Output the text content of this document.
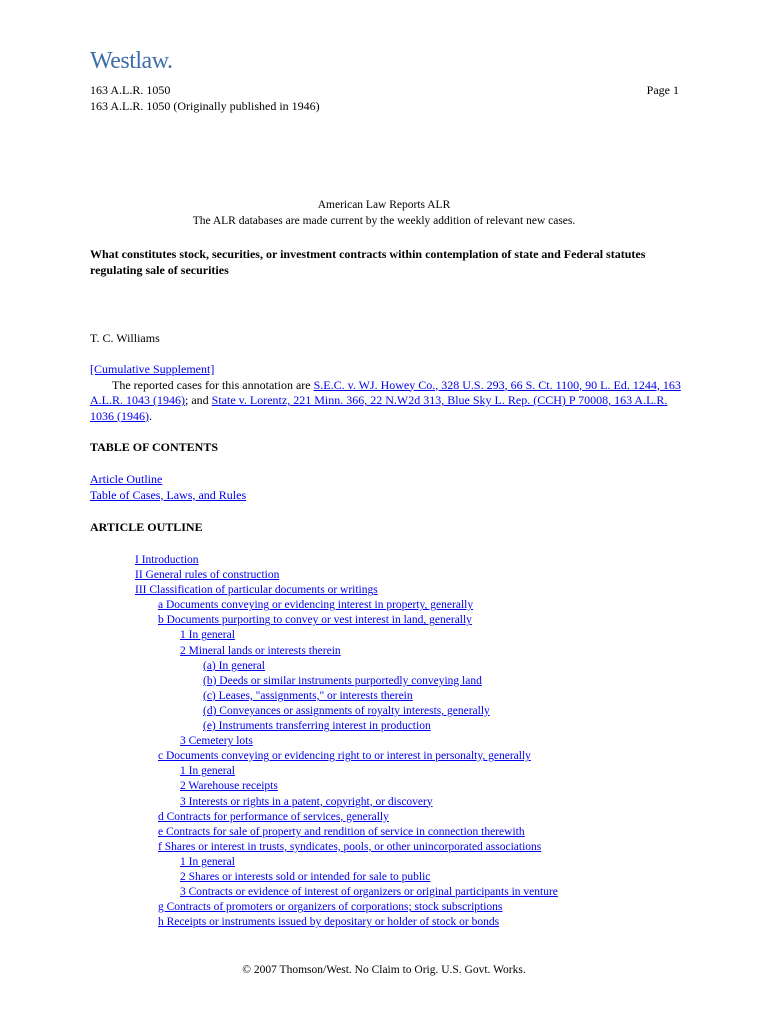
Westlaw.
163 A.L.R. 1050
163 A.L.R. 1050 (Originally published in 1946)
Page 1
American Law Reports ALR
The ALR databases are made current by the weekly addition of relevant new cases.
What constitutes stock, securities, or investment contracts within contemplation of state and Federal statutes regulating sale of securities
T. C. Williams
[Cumulative Supplement]
The reported cases for this annotation are S.E.C. v. WJ. Howey Co., 328 U.S. 293, 66 S. Ct. 1100, 90 L. Ed. 1244, 163 A.L.R. 1043 (1946); and State v. Lorentz, 221 Minn. 366, 22 N.W2d 313, Blue Sky L. Rep. (CCH) P 70008, 163 A.L.R. 1036 (1946).
TABLE OF CONTENTS
Article Outline
Table of Cases, Laws, and Rules
ARTICLE OUTLINE
I Introduction
II General rules of construction
III Classification of particular documents or writings
a Documents conveying or evidencing interest in property, generally
b Documents purporting to convey or vest interest in land, generally
1 In general
2 Mineral lands or interests therein
(a) In general
(b) Deeds or similar instruments purportedly conveying land
(c) Leases, "assignments," or interests therein
(d) Conveyances or assignments of royalty interests, generally
(e) Instruments transferring interest in production
3 Cemetery lots
c Documents conveying or evidencing right to or interest in personalty, generally
1 In general
2 Warehouse receipts
3 Interests or rights in a patent, copyright, or discovery
d Contracts for performance of services, generally
e Contracts for sale of property and rendition of service in connection therewith
f Shares or interest in trusts, syndicates, pools, or other unincorporated associations
1 In general
2 Shares or interests sold or intended for sale to public
3 Contracts or evidence of interest of organizers or original participants in venture
g Contracts of promoters or organizers of corporations; stock subscriptions
h Receipts or instruments issued by depositary or holder of stock or bonds
© 2007 Thomson/West. No Claim to Orig. U.S. Govt. Works.
